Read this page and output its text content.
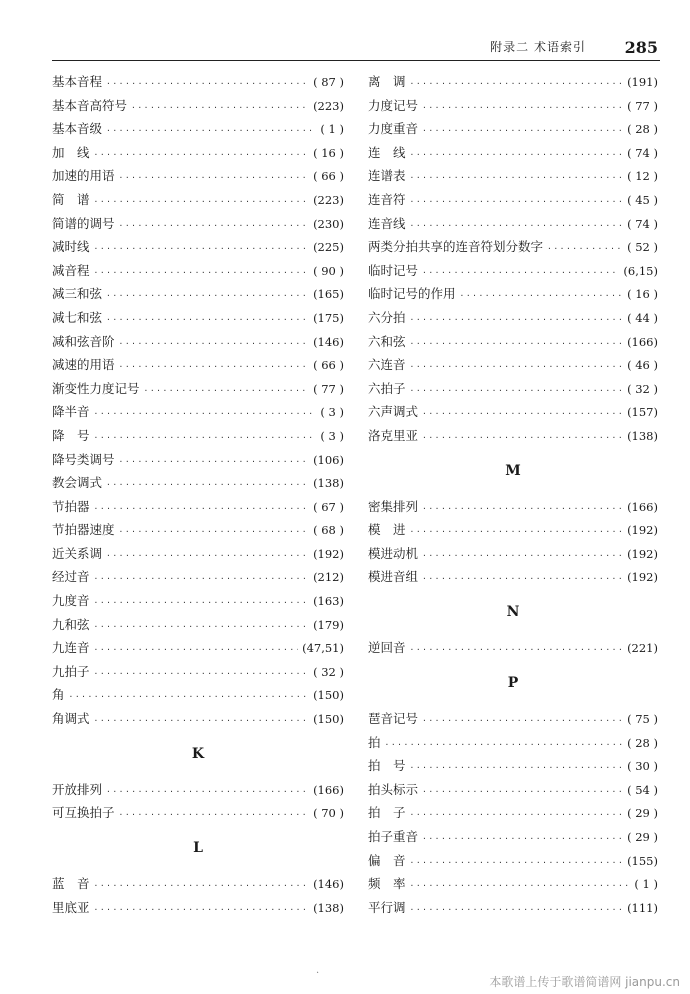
附录二 术语索引 285
基本音程 ·····	( 87 )
基本音高符号 ·····	(223)
基本音级 ·····	( 1 )
加　线 ·····	( 16 )
加速的用语 ·····	( 66 )
简　谱 ·····	(223)
简谱的调号 ·····	(230)
减时线 ·····	(225)
减音程 ·····	( 90 )
减三和弦 ·····	(165)
减七和弦 ·····	(175)
减和弦音阶 ·····	(146)
减速的用语 ·····	( 66 )
渐变性力度记号 ·····	( 77 )
降半音 ·····	( 3 )
降　号 ·····	( 3 )
降号类调号 ·····	(106)
教会调式 ·····	(138)
节拍器 ·····	( 67 )
节拍器速度 ·····	( 68 )
近关系调 ·····	(192)
经过音 ·····	(212)
九度音 ·····	(163)
九和弦 ·····	(179)
九连音 ·····	(47,51)
九拍子 ·····	( 32 )
角 ·····	(150)
角调式 ·····	(150)
K
开放排列 ·····	(166)
可互换拍子 ·····	( 70 )
L
蓝　音 ·····	(146)
里底亚 ·····	(138)
离　调 ·····	(191)
力度记号 ·····	( 77 )
力度重音 ·····	( 28 )
连　线 ·····	( 74 )
连谱表 ·····	( 12 )
连音符 ·····	( 45 )
连音线 ·····	( 74 )
两类分拍共享的连音符划分数字 ·····	( 52 )
临时记号 ·····	(6,15)
临时记号的作用 ·····	( 16 )
六分拍 ·····	( 44 )
六和弦 ·····	(166)
六连音 ·····	( 46 )
六拍子 ·····	( 32 )
六声调式 ·····	(157)
洛克里亚 ·····	(138)
M
密集排列 ·····	(166)
模　进 ·····	(192)
模进动机 ·····	(192)
模进音组 ·····	(192)
N
逆回音 ·····	(221)
P
琶音记号 ·····	( 75 )
拍 ·····	( 28 )
拍　号 ·····	( 30 )
拍头标示 ·····	( 54 )
拍　子 ·····	( 29 )
拍子重音 ·····	( 29 )
偏　音 ·····	(155)
频　率 ·····	( 1 )
平行调 ·····	(111)
·
本歌谱上传于歌谱简谱网 jianpu.cn
